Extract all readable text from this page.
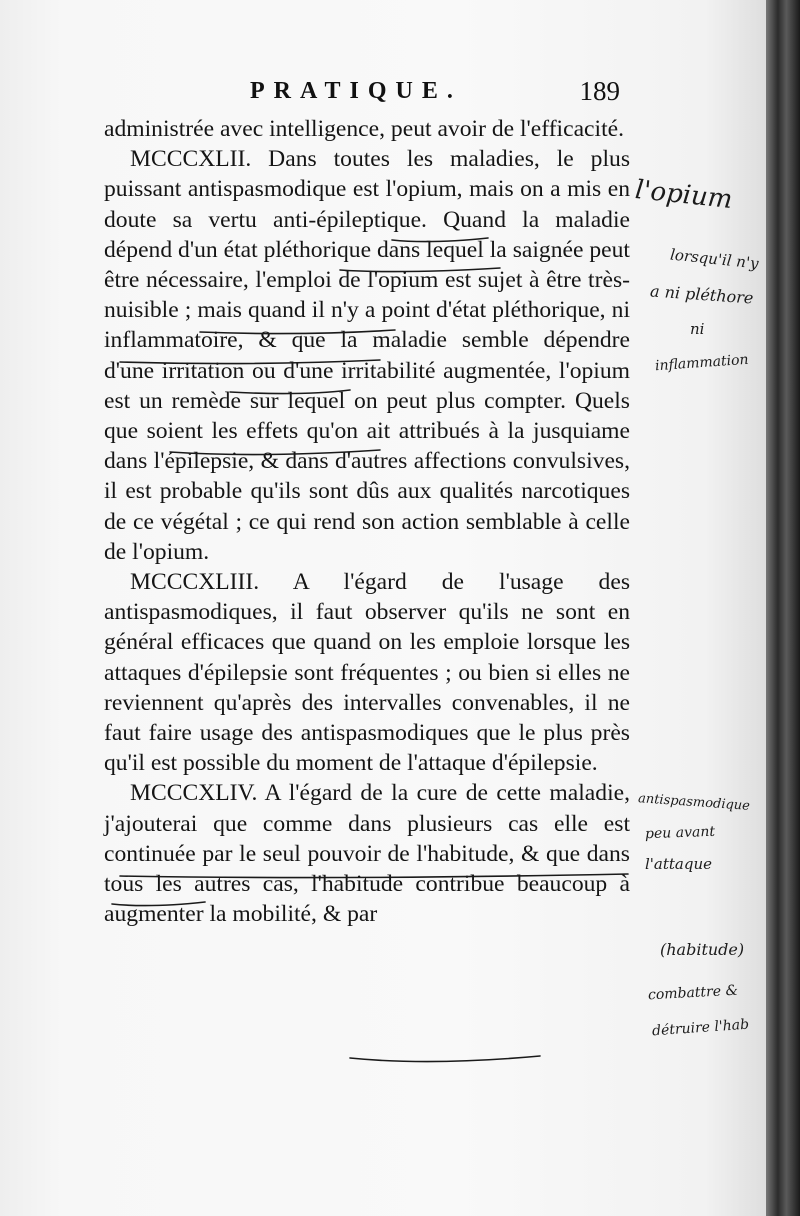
PRATIQUE.	189

administrée avec intelligence, peut avoir de l'efficacité.

MCCCXLII. Dans toutes les maladies, le plus puissant antispasmodique est l'opium, mais on a mis en doute sa vertu anti-épileptique. Quand la maladie dépend d'un état pléthorique dans lequel la saignée peut être nécessaire, l'emploi de l'opium est sujet à être très-nuisible ; mais quand il n'y a point d'état pléthorique, ni inflammatoire, & que la maladie semble dépendre d'une irritation ou d'une irritabilité augmentée, l'opium est un remède sur lequel on peut plus compter. Quels que soient les effets qu'on ait attribués à la jusquiame dans l'épilepsie, & dans d'autres affections convulsives, il est probable qu'ils sont dûs aux qualités narcotiques de ce végétal ; ce qui rend son action semblable à celle de l'opium.

MCCCXLIII. A l'égard de l'usage des antispasmodiques, il faut observer qu'ils ne sont en général efficaces que quand on les emploie lorsque les attaques d'épilepsie sont fréquentes ; ou bien si elles ne reviennent qu'après des intervalles convenables, il ne faut faire usage des antispasmodiques que le plus près qu'il est possible du moment de l'attaque d'épilepsie.

MCCCXLIV. A l'égard de la cure de cette maladie, j'ajouterai que comme dans plusieurs cas elle est continuée par le seul pouvoir de l'habitude, & que dans tous les autres cas, l'habitude contribue beaucoup à augmenter la mobilité, & par

l'opium
lorsqu'il n'y
a ni pléthore
ni
inflammation
antispasmodique
peu avant
l'attaque
(habitude)
combattre &
détruire l'hab
